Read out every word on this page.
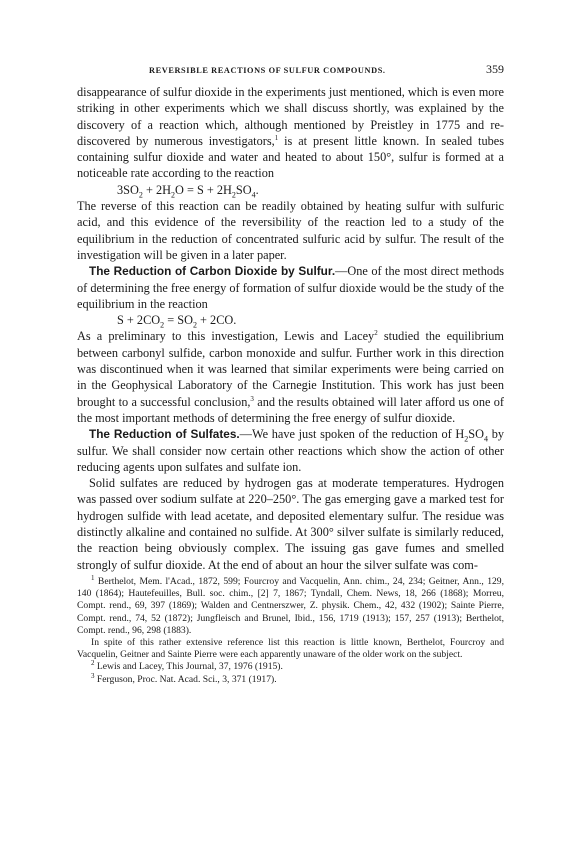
REVERSIBLE REACTIONS OF SULFUR COMPOUNDS.	359

disappearance of sulfur dioxide in the experiments just mentioned, which is even more striking in other experiments which we shall discuss shortly, was explained by the discovery of a reaction which, although mentioned by Preistley in 1775 and re-discovered by numerous investigators,$^1$ is at present little known. In sealed tubes containing sulfur dioxide and water and heated to about 150°, sulfur is formed at a noticeable rate according to the reaction

$3SO_2 + 2H_2O = S + 2H_2SO_4$.

The reverse of this reaction can be readily obtained by heating sulfur with sulfuric acid, and this evidence of the reversibility of the reaction led to a study of the equilibrium in the reduction of concentrated sulfuric acid by sulfur. The result of the investigation will be given in a later paper.

The Reduction of Carbon Dioxide by Sulfur.—One of the most direct methods of determining the free energy of formation of sulfur dioxide would be the study of the equilibrium in the reaction

$S + 2CO_2 = SO_2 + 2CO$.

As a preliminary to this investigation, Lewis and Lacey$^2$ studied the equilibrium between carbonyl sulfide, carbon monoxide and sulfur. Further work in this direction was discontinued when it was learned that similar experiments were being carried on in the Geophysical Laboratory of the Carnegie Institution. This work has just been brought to a successful conclusion,$^3$ and the results obtained will later afford us one of the most important methods of determining the free energy of sulfur dioxide.

The Reduction of Sulfates.—We have just spoken of the reduction of $H_2SO_4$ by sulfur. We shall consider now certain other reactions which show the action of other reducing agents upon sulfates and sulfate ion.

Solid sulfates are reduced by hydrogen gas at moderate temperatures. Hydrogen was passed over sodium sulfate at 220–250°. The gas emerging gave a marked test for hydrogen sulfide with lead acetate, and deposited elementary sulfur. The residue was distinctly alkaline and contained no sulfide. At 300° silver sulfate is similarly reduced, the reaction being obviously complex. The issuing gas gave fumes and smelled strongly of sulfur dioxide. At the end of about an hour the silver sulfate was com-

$^1$ Berthelot, Mem. l'Acad., 1872, 599; Fourcroy and Vacquelin, Ann. chim., 24, 234; Geitner, Ann., 129, 140 (1864); Hautefeuilles, Bull. soc. chim., [2] 7, 1867; Tyndall, Chem. News, 18, 266 (1868); Morreu, Compt. rend., 69, 397 (1869); Walden and Centnerszwer, Z. physik. Chem., 42, 432 (1902); Sainte Pierre, Compt. rend., 74, 52 (1872); Jungfleisch and Brunel, Ibid., 156, 1719 (1913); 157, 257 (1913); Berthelot, Compt. rend., 96, 298 (1883).

In spite of this rather extensive reference list this reaction is little known, Berthelot, Fourcroy and Vacquelin, Geitner and Sainte Pierre were each apparently unaware of the older work on the subject.

$^2$ Lewis and Lacey, This Journal, 37, 1976 (1915).

$^3$ Ferguson, Proc. Nat. Acad. Sci., 3, 371 (1917).
